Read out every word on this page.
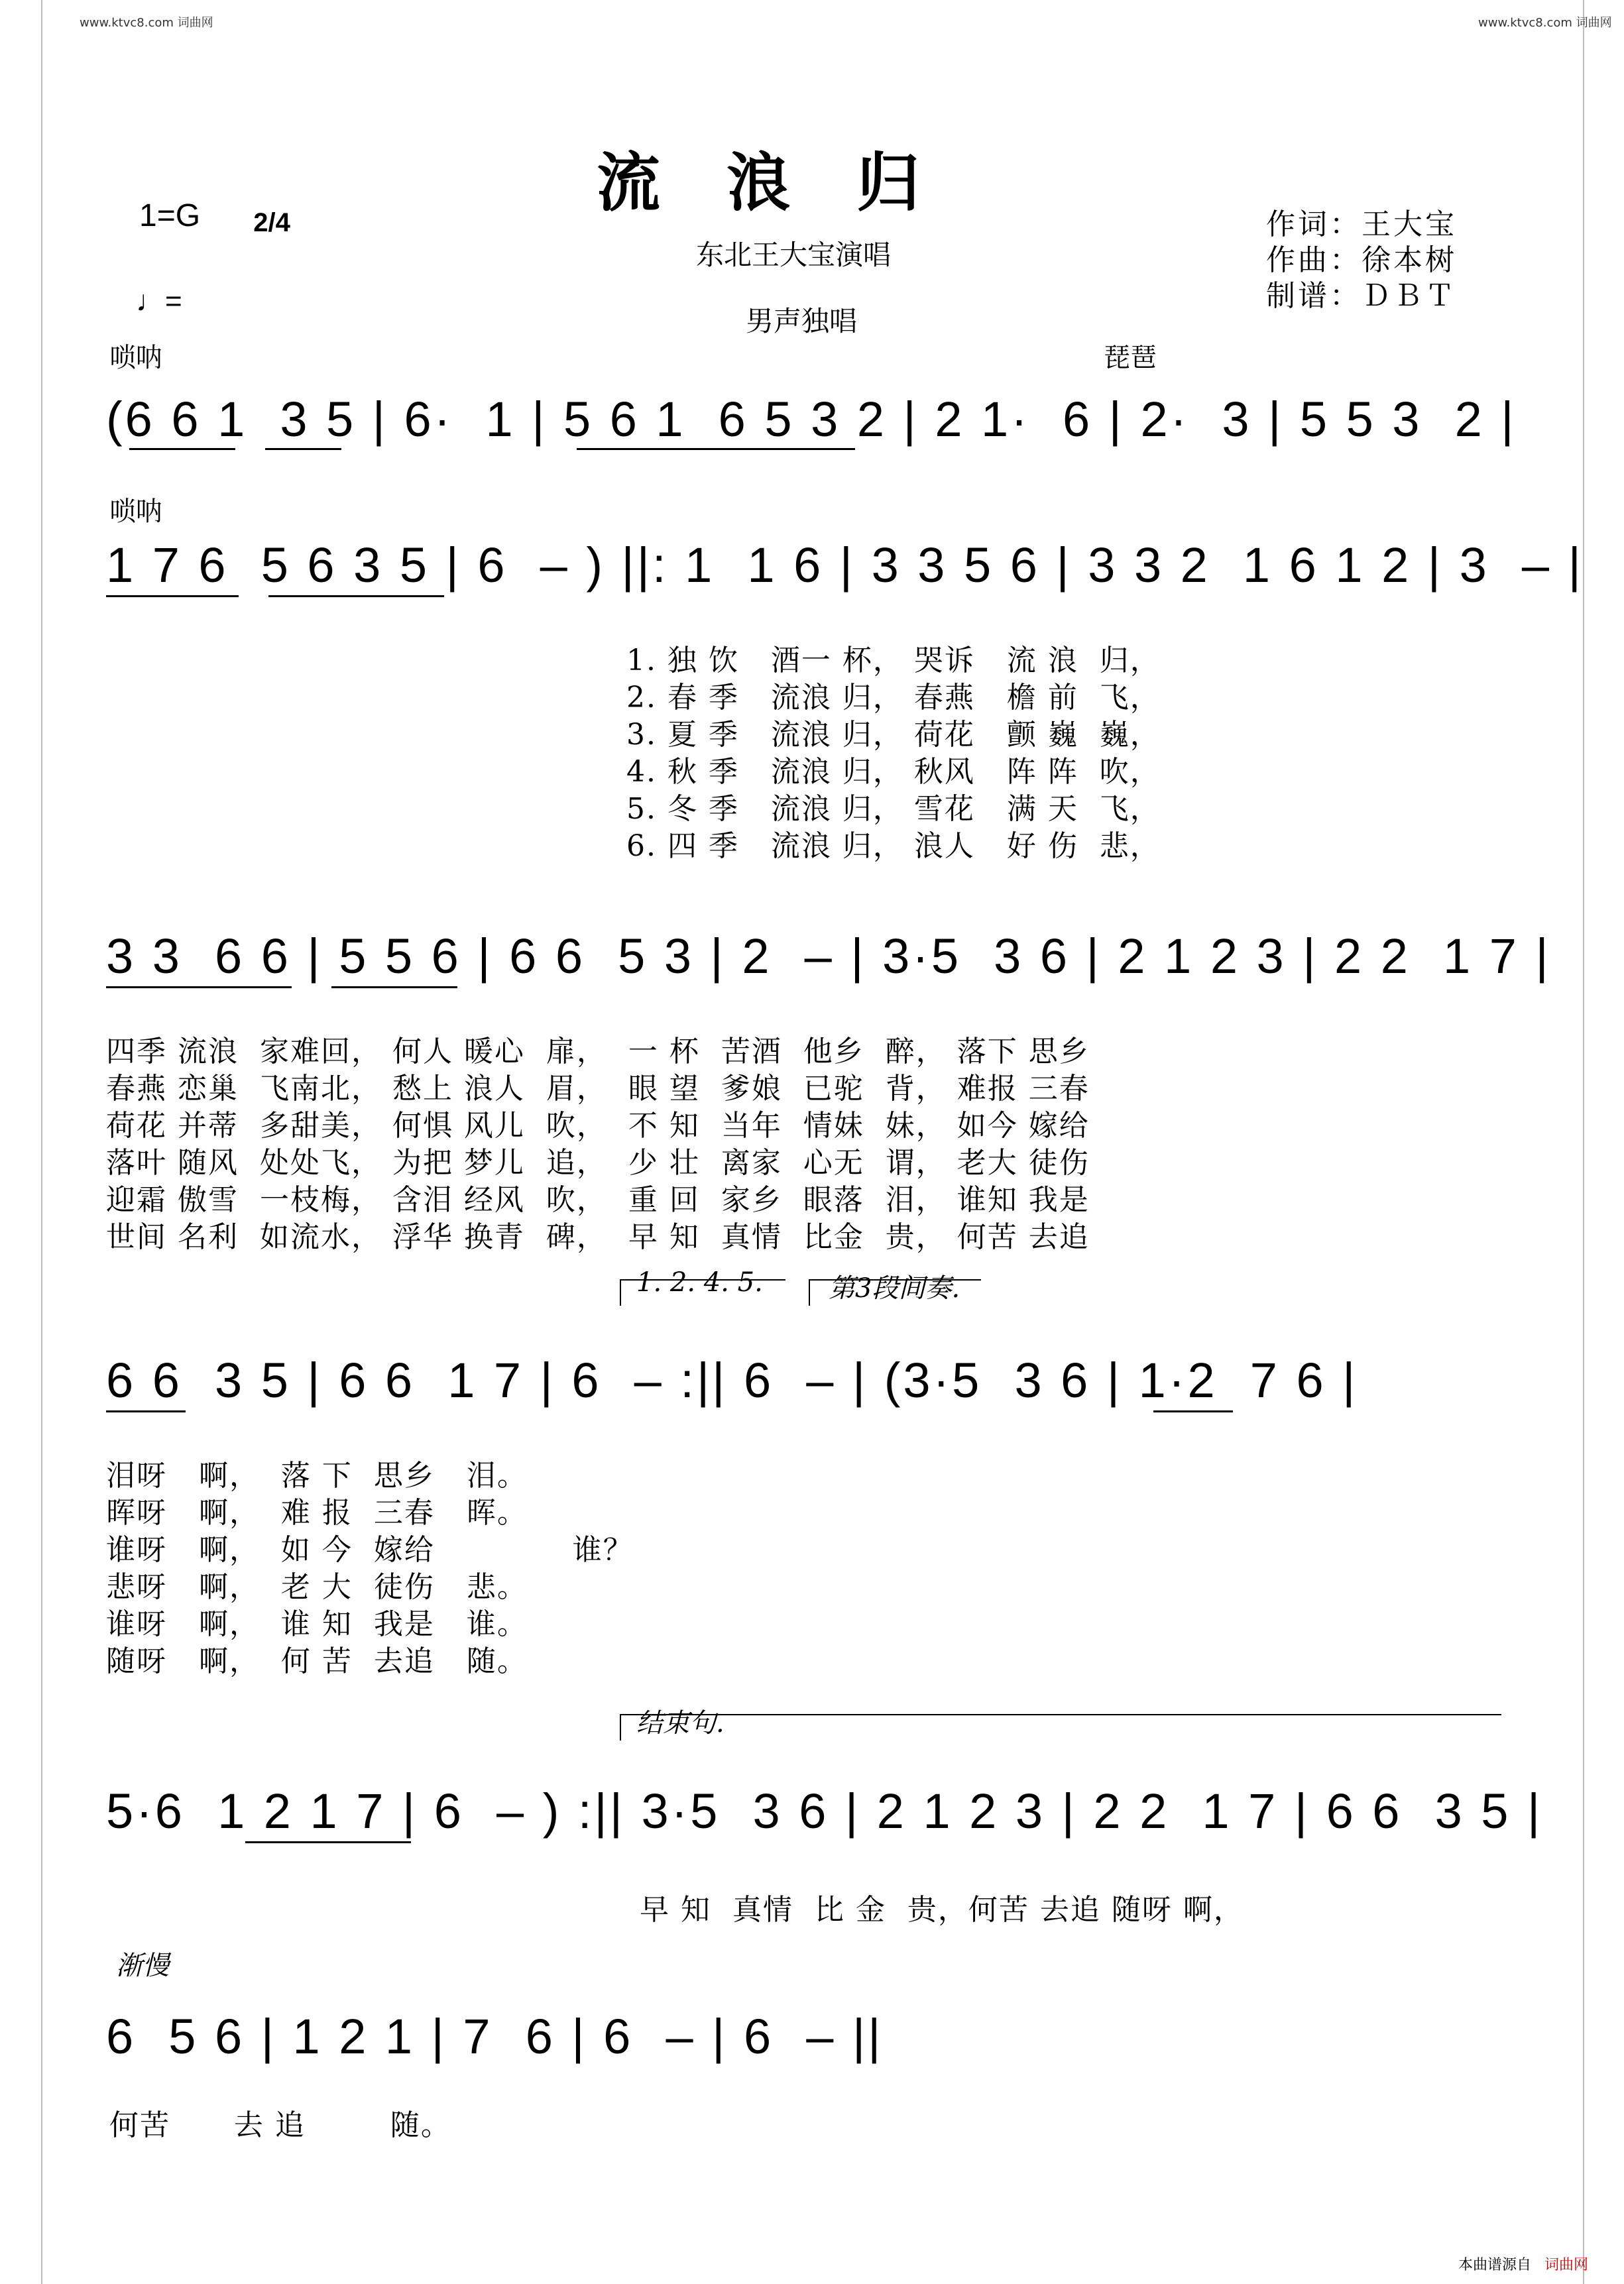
www.ktvc8.com 词曲网	www.ktvc8.com 词曲网
流浪归
1=G	2/4

东北王大宝演唱
♩=
男声独唱
作词：王大宝
作曲：徐本树
制谱：ＤＢＴ
唢呐	琵琶
(6 6 1  3 5 | 6·  1 | 5 6 1  6 5 3 2 | 2 1·  6 | 2·  3 | 5 5 3  2 |
唢呐
1 7 6  5 6 3 5 | 6  – ) ||: 1  1 6 | 3 3 5 6 | 3 3 2  1 6 1 2 | 3  – |
1. 独 饮   酒一 杯， 哭诉   流 浪  归，
2. 春 季   流浪 归， 春燕   檐 前  飞，
3. 夏 季   流浪 归， 荷花   颤 巍  巍，
4. 秋 季   流浪 归， 秋风   阵 阵  吹，
5. 冬 季   流浪 归， 雪花   满 天  飞，
6. 四 季   流浪 归， 浪人   好 伤  悲，
3 3  6 6 | 5 5 6 | 6 6  5 3 | 2  – | 3·5  3 6 | 2 1 2 3 | 2 2  1 7 |
四季 流浪  家难回， 何人 暖心  扉，  一 杯  苦酒  他乡  醉， 落下 思乡
春燕 恋巢  飞南北， 愁上 浪人  眉，  眼 望  爹娘  已驼  背， 难报 三春
荷花 并蒂  多甜美， 何惧 风儿  吹，  不 知  当年  情妹  妹， 如今 嫁给
落叶 随风  处处飞， 为把 梦儿  追，  少 壮  离家  心无  谓， 老大 徒伤
迎霜 傲雪  一枝梅， 含泪 经风  吹，  重 回  家乡  眼落  泪， 谁知 我是
世间 名利  如流水， 浮华 换青  碑，  早 知  真情  比金  贵， 何苦 去追
1. 2. 4. 5. 第3段间奏.
6 6  3 5 | 6 6  1 7 | 6  – :|| 6  – | (3·5  3 6 | 1·2  7 6 |
泪呀   啊，  落 下  思乡   泪。
晖呀   啊，  难 报  三春   晖。
谁呀   啊，  如 今  嫁给             谁？
悲呀   啊，  老 大  徒伤   悲。
谁呀   啊，  谁 知  我是   谁。
随呀   啊，  何 苦  去追   随。
结束句.
5·6  1 2 1 7 | 6  – ) :|| 3·5  3 6 | 2 1 2 3 | 2 2  1 7 | 6 6  3 5 |
早 知  真情  比 金  贵，何苦 去追 随呀 啊，
渐慢
6  5 6 | 1 2 1 | 7  6 | 6  – | 6  – ||
何苦      去 追        随。
本曲谱源自 词曲网
